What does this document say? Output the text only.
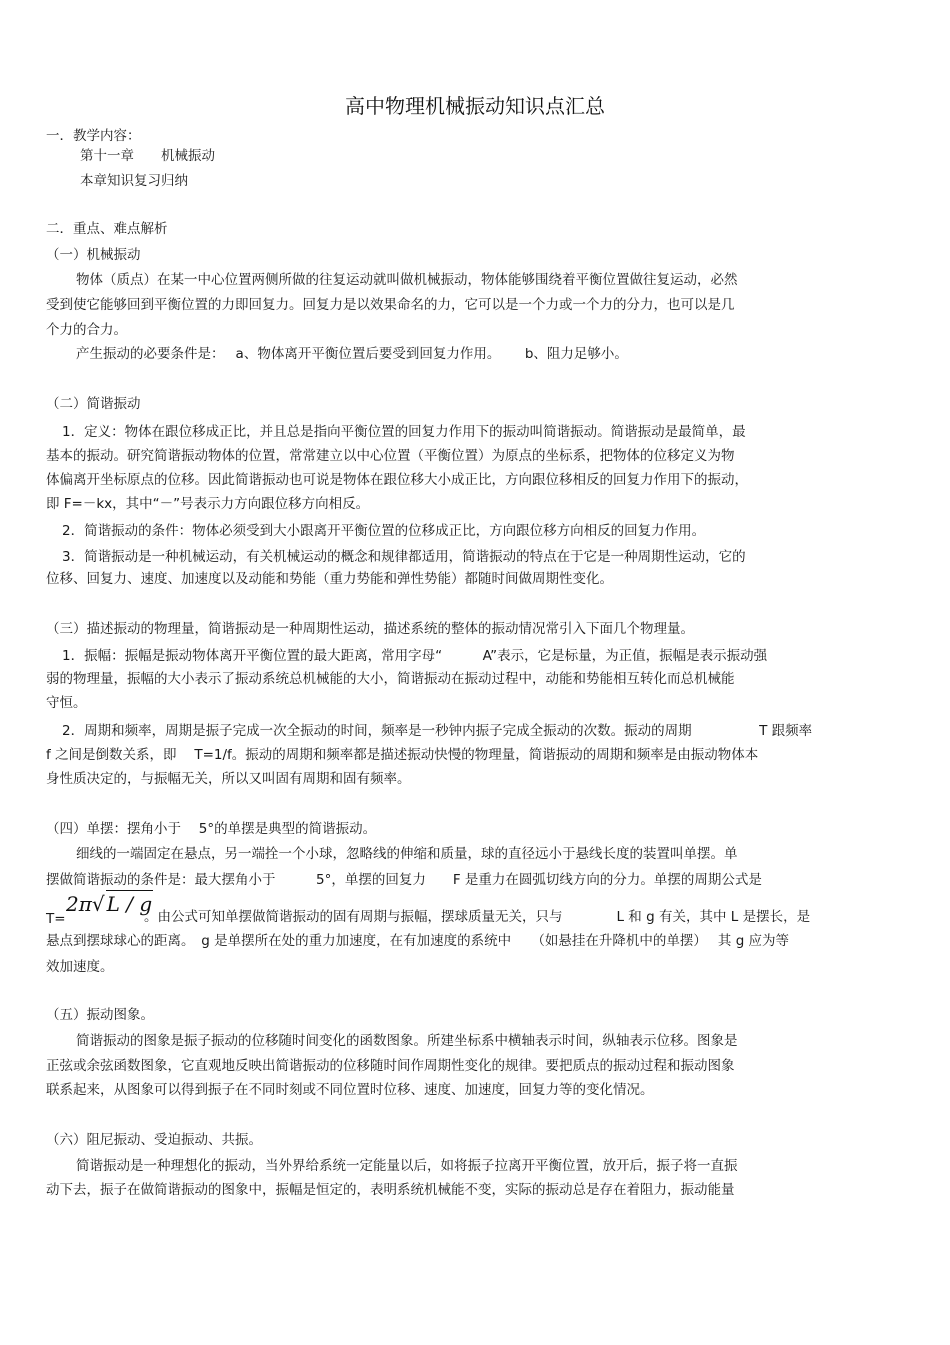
高中物理机械振动知识点汇总
一．教学内容：
第十一章　　机械振动
本章知识复习归纳
二．重点、难点解析
（一）机械振动
物体（质点）在某一中心位置两侧所做的往复运动就叫做机械振动，物体能够围绕着平衡位置做往复运动，必然
受到使它能够回到平衡位置的力即回复力。回复力是以效果命名的力，它可以是一个力或一个力的分力，也可以是几
个力的合力。
产生振动的必要条件是：　 a、物体离开平衡位置后要受到回复力作用。　　 b、阻力足够小。
（二）简谐振动
1．定义：物体在跟位移成正比，并且总是指向平衡位置的回复力作用下的振动叫简谐振动。简谐振动是最简单，最
基本的振动。研究简谐振动物体的位置，常常建立以中心位置（平衡位置）为原点的坐标系，把物体的位移定义为物
体偏离开坐标原点的位移。因此简谐振动也可说是物体在跟位移大小成正比，方向跟位移相反的回复力作用下的振动，
即 F=－kx，其中“－”号表示力方向跟位移方向相反。
2．简谐振动的条件：物体必须受到大小跟离开平衡位置的位移成正比，方向跟位移方向相反的回复力作用。
3．简谐振动是一种机械运动，有关机械运动的概念和规律都适用，简谐振动的特点在于它是一种周期性运动，它的
位移、回复力、速度、加速度以及动能和势能（重力势能和弹性势能）都随时间做周期性变化。
（三）描述振动的物理量，简谐振动是一种周期性运动，描述系统的整体的振动情况常引入下面几个物理量。
1．振幅：振幅是振动物体离开平衡位置的最大距离，常用字母“　　　A”表示，它是标量，为正值，振幅是表示振动强
弱的物理量，振幅的大小表示了振动系统总机械能的大小，简谐振动在振动过程中，动能和势能相互转化而总机械能
守恒。
2．周期和频率，周期是振子完成一次全振动的时间，频率是一秒钟内振子完成全振动的次数。振动的周期　　　　　T 跟频率
f 之间是倒数关系，即　 T=1/f。振动的周期和频率都是描述振动快慢的物理量，简谐振动的周期和频率是由振动物体本
身性质决定的，与振幅无关，所以又叫固有周期和固有频率。
（四）单摆：摆角小于　 5°的单摆是典型的简谐振动。
细线的一端固定在悬点，另一端拴一个小球，忽略线的伸缩和质量，球的直径远小于悬线长度的装置叫单摆。单
摆做简谐振动的条件是：最大摆角小于　　　5°，单摆的回复力　　F 是重力在圆弧切线方向的分力。单摆的周期公式是
T=
2π√ L / g
。由公式可知单摆做简谐振动的固有周期与振幅，摆球质量无关，只与　　　　L 和 g 有关，其中 L 是摆长，是
悬点到摆球球心的距离。　g 是单摆所在处的重力加速度，在有加速度的系统中　　（如悬挂在升降机中的单摆）　 其 g 应为等
效加速度。
（五）振动图象。
简谐振动的图象是振子振动的位移随时间变化的函数图象。所建坐标系中横轴表示时间，纵轴表示位移。图象是
正弦或余弦函数图象，它直观地反映出简谐振动的位移随时间作周期性变化的规律。要把质点的振动过程和振动图象
联系起来，从图象可以得到振子在不同时刻或不同位置时位移、速度、加速度，回复力等的变化情况。
（六）阻尼振动、受迫振动、共振。
简谐振动是一种理想化的振动，当外界给系统一定能量以后，如将振子拉离开平衡位置，放开后，振子将一直振
动下去，振子在做简谐振动的图象中，振幅是恒定的，表明系统机械能不变，实际的振动总是存在着阻力，振动能量
